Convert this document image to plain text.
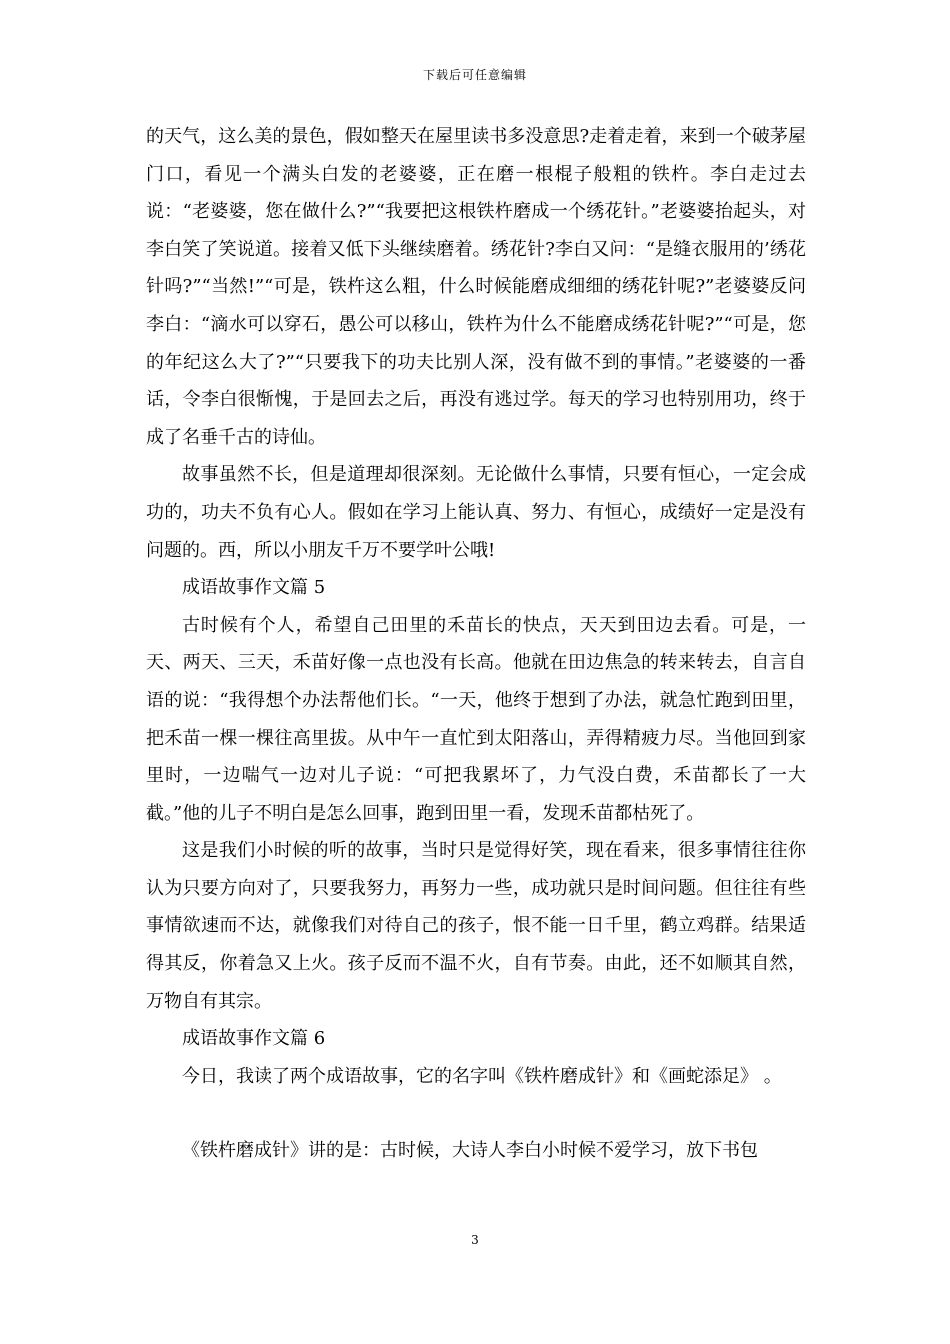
下载后可任意编辑

的天气，这么美的景色，假如整天在屋里读书多没意思?走着走着，来到一个破茅屋门口，看见一个满头白发的老婆婆，正在磨一根棍子般粗的铁杵。李白走过去说：“老婆婆，您在做什么?”“我要把这根铁杵磨成一个绣花针。”老婆婆抬起头，对李白笑了笑说道。接着又低下头继续磨着。绣花针?李白又问：“是缝衣服用的’绣花针吗?”“当然!”“可是，铁杵这么粗，什么时候能磨成细细的绣花针呢?”老婆婆反问李白：“滴水可以穿石，愚公可以移山，铁杵为什么不能磨成绣花针呢?”“可是，您的年纪这么大了?”“只要我下的功夫比别人深，没有做不到的事情。”老婆婆的一番话，令李白很惭愧，于是回去之后，再没有逃过学。每天的学习也特别用功，终于成了名垂千古的诗仙。

故事虽然不长，但是道理却很深刻。无论做什么事情，只要有恒心，一定会成功的，功夫不负有心人。假如在学习上能认真、努力、有恒心，成绩好一定是没有问题的。西，所以小朋友千万不要学叶公哦!

成语故事作文篇 5

古时候有个人，希望自己田里的禾苗长的快点，天天到田边去看。可是，一天、两天、三天，禾苗好像一点也没有长高。他就在田边焦急的转来转去，自言自语的说：“我得想个办法帮他们长。“一天，他终于想到了办法，就急忙跑到田里，把禾苗一棵一棵往高里拔。从中午一直忙到太阳落山，弄得精疲力尽。当他回到家里时，一边喘气一边对儿子说：“可把我累坏了，力气没白费，禾苗都长了一大截。”他的儿子不明白是怎么回事，跑到田里一看，发现禾苗都枯死了。

这是我们小时候的听的故事，当时只是觉得好笑，现在看来，很多事情往往你认为只要方向对了，只要我努力，再努力一些，成功就只是时间问题。但往往有些事情欲速而不达，就像我们对待自己的孩子，恨不能一日千里，鹤立鸡群。结果适得其反，你着急又上火。孩子反而不温不火，自有节奏。由此，还不如顺其自然，万物自有其宗。

成语故事作文篇 6

今日，我读了两个成语故事，它的名字叫《铁杵磨成针》和《画蛇添足》 。

《铁杵磨成针》讲的是：古时候，大诗人李白小时候不爱学习，放下书包

3
